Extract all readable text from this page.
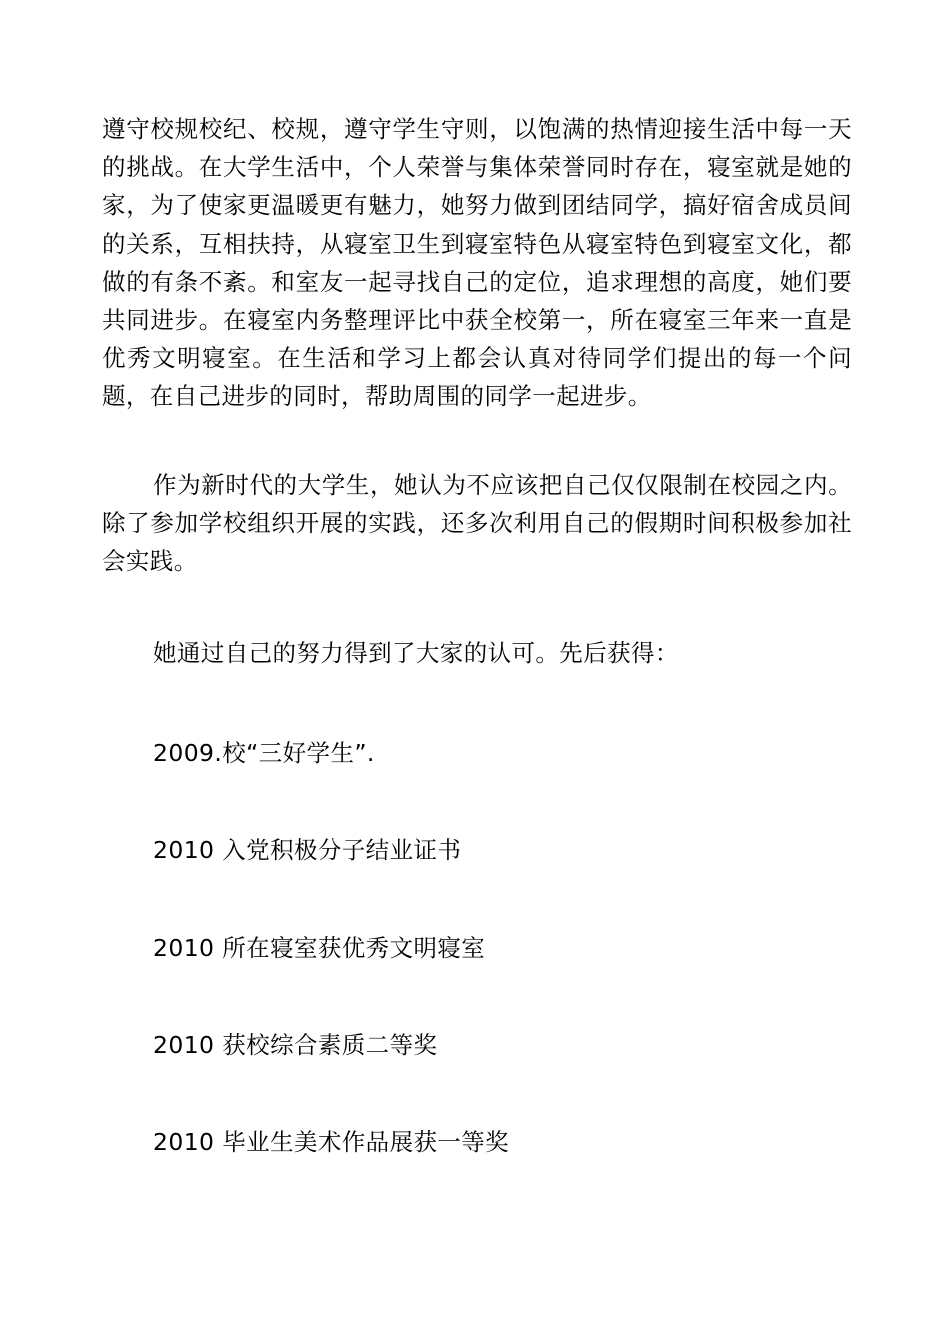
遵守校规校纪、校规，遵守学生守则，以饱满的热情迎接生活中每一天的挑战。在大学生活中，个人荣誉与集体荣誉同时存在，寝室就是她的家，为了使家更温暖更有魅力，她努力做到团结同学，搞好宿舍成员间的关系，互相扶持，从寝室卫生到寝室特色从寝室特色到寝室文化，都做的有条不紊。和室友一起寻找自己的定位，追求理想的高度，她们要共同进步。在寝室内务整理评比中获全校第一，所在寝室三年来一直是优秀文明寝室。在生活和学习上都会认真对待同学们提出的每一个问题，在自己进步的同时，帮助周围的同学一起进步。

作为新时代的大学生，她认为不应该把自己仅仅限制在校园之内。除了参加学校组织开展的实践，还多次利用自己的假期时间积极参加社会实践。

她通过自己的努力得到了大家的认可。先后获得：

2009.校“三好学生”.

2010 入党积极分子结业证书

2010 所在寝室获优秀文明寝室

2010 获校综合素质二等奖

2010 毕业生美术作品展获一等奖
